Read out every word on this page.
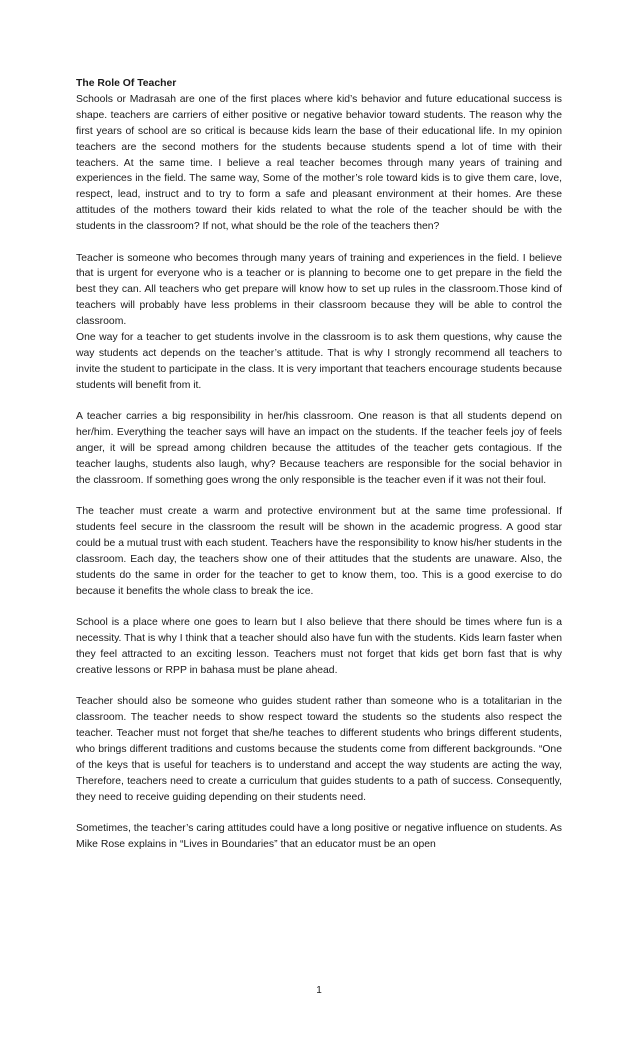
The Role Of Teacher

Schools or Madrasah are one of the first places where kid’s behavior and future educational success is shape. teachers are carriers of either positive or negative behavior toward students. The reason why the first years of school are so critical is because kids learn the base of their educational life. In my opinion teachers are the second mothers for the students because students spend a lot of time with their teachers. At the same time. I believe a real teacher becomes through many years of training and experiences in the field. The same way, Some of the mother’s role toward kids is to give them care, love, respect, lead, instruct and to try to form a safe and pleasant environment at their homes. Are these attitudes of the mothers toward their kids related to what the role of the teacher should be with the students in the classroom? If not, what should be the role of the teachers then?

Teacher is someone who becomes through many years of training and experiences in the field. I believe that is urgent for everyone who is a teacher or is planning to become one to get prepare in the field the best they can. All teachers who get prepare will know how to set up rules in the classroom.Those kind of teachers will probably have less problems in their classroom because they will be able to control the classroom.

One way for a teacher to get students involve in the classroom is to ask them questions, why cause the way students act depends on the teacher’s attitude. That is why I strongly recommend all teachers to invite the student to participate in the class. It is very important that teachers encourage students because students will benefit from it.

A teacher carries a big responsibility in her/his classroom. One reason is that all students depend on her/him. Everything the teacher says will have an impact on the students. If the teacher feels joy of feels anger, it will be spread among children because the attitudes of the teacher gets contagious. If the teacher laughs, students also laugh, why? Because teachers are responsible for the social behavior in the classroom. If something goes wrong the only responsible is the teacher even if it was not their foul.

The teacher must create a warm and protective environment but at the same time professional. If students feel secure in the classroom the result will be shown in the academic progress. A good star could be a mutual trust with each student. Teachers have the responsibility to know his/her students in the classroom. Each day, the teachers show one of their attitudes that the students are unaware. Also, the students do the same in order for the teacher to get to know them, too. This is a good exercise to do because it benefits the whole class to break the ice.

School is a place where one goes to learn but I also believe that there should be times where fun is a necessity. That is why I think that a teacher should also have fun with the students. Kids learn faster when they feel attracted to an exciting lesson. Teachers must not forget that kids get born fast that is why creative lessons or RPP in bahasa must be plane ahead.

Teacher should also be someone who guides student rather than someone who is a totalitarian in the classroom. The teacher needs to show respect toward the students so the students also respect the teacher. Teacher must not forget that she/he teaches to different students who brings different students, who brings different traditions and customs because the students come from different backgrounds. “One of the keys that is useful for teachers is to understand and accept the way students are acting the way, Therefore, teachers need to create a curriculum that guides students to a path of success. Consequently, they need to receive guiding depending on their students need.

Sometimes, the teacher’s caring attitudes could have a long positive or negative influence on students. As Mike Rose explains in “Lives in Boundaries” that an educator must be an open

1
